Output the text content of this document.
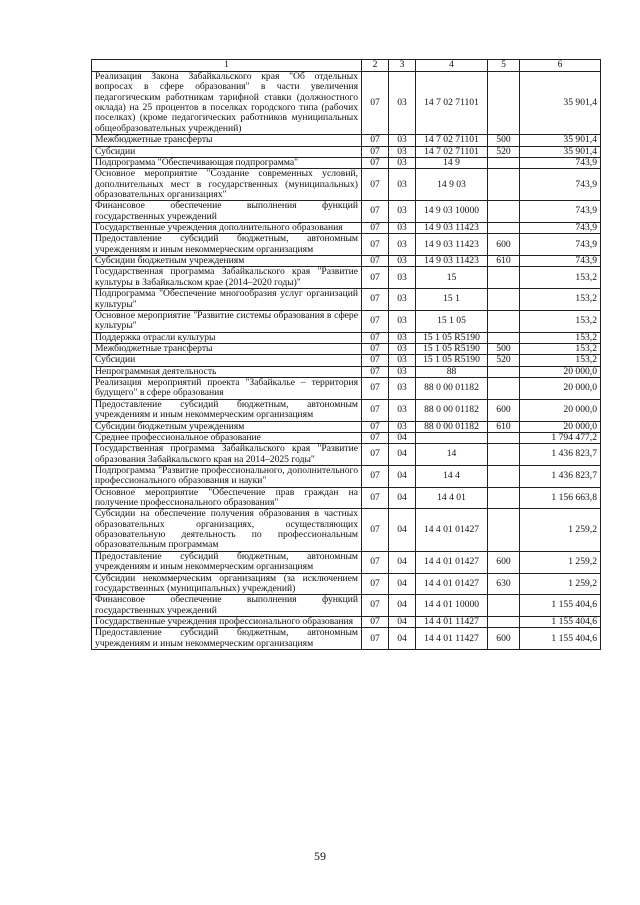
1	2	3	4	5	6
Реализация Закона Забайкальского края "Об отдельных вопросах в сфере образования" в части увеличения педагогическим работникам тарифной ставки (должностного оклада) на 25 процентов в поселках городского типа (рабочих поселках) (кроме педагогических работников муниципальных общеобразовательных учреждений)	07	03	14 7 02 71101		35 901,4
Межбюджетные трансферты	07	03	14 7 02 71101	500	35 901,4
Субсидии	07	03	14 7 02 71101	520	35 901,4
Подпрограмма "Обеспечивающая подпрограмма"	07	03	14 9		743,9
Основное мероприятие "Создание современных условий, дополнительных мест в государственных (муниципальных) образовательных организациях"	07	03	14 9 03		743,9
Финансовое обеспечение выполнения функций государственных учреждений	07	03	14 9 03 10000		743,9
Государственные учреждения дополнительного образования	07	03	14 9 03 11423		743,9
Предоставление субсидий бюджетным, автономным учреждениям и иным некоммерческим организациям	07	03	14 9 03 11423	600	743,9
Субсидии бюджетным учреждениям	07	03	14 9 03 11423	610	743,9
Государственная программа Забайкальского края "Развитие культуры в Забайкальском крае (2014–2020 годы)"	07	03	15		153,2
Подпрограмма "Обеспечение многообразия услуг организаций культуры"	07	03	15 1		153,2
Основное мероприятие "Развитие системы образования в сфере культуры"	07	03	15 1 05		153,2
Поддержка отрасли культуры	07	03	15 1 05 R5190		153,2
Межбюджетные трансферты	07	03	15 1 05 R5190	500	153,2
Субсидии	07	03	15 1 05 R5190	520	153,2
Непрограммная деятельность	07	03	88		20 000,0
Реализация мероприятий проекта "Забайкалье – территория будущего" в сфере образования	07	03	88 0 00 01182		20 000,0
Предоставление субсидий бюджетным, автономным учреждениям и иным некоммерческим организациям	07	03	88 0 00 01182	600	20 000,0
Субсидии бюджетным учреждениям	07	03	88 0 00 01182	610	20 000,0
Среднее профессиональное образование	07	04			1 794 477,2
Государственная программа Забайкальского края "Развитие образования Забайкальского края на 2014–2025 годы"	07	04	14		1 436 823,7
Подпрограмма "Развитие профессионального, дополнительного профессионального образования и науки"	07	04	14 4		1 436 823,7
Основное мероприятие "Обеспечение прав граждан на получение профессионального образования"	07	04	14 4 01		1 156 663,8
Субсидии на обеспечение получения образования в частных образовательных организациях, осуществляющих образовательную деятельность по профессиональным образовательным программам	07	04	14 4 01 01427		1 259,2
Предоставление субсидий бюджетным, автономным учреждениям и иным некоммерческим организациям	07	04	14 4 01 01427	600	1 259,2
Субсидии некоммерческим организациям (за исключением государственных (муниципальных) учреждений)	07	04	14 4 01 01427	630	1 259,2
Финансовое обеспечение выполнения функций государственных учреждений	07	04	14 4 01 10000		1 155 404,6
Государственные учреждения профессионального образования	07	04	14 4 01 11427		1 155 404,6
Предоставление субсидий бюджетным, автономным учреждениям и иным некоммерческим организациям	07	04	14 4 01 11427	600	1 155 404,6
59
